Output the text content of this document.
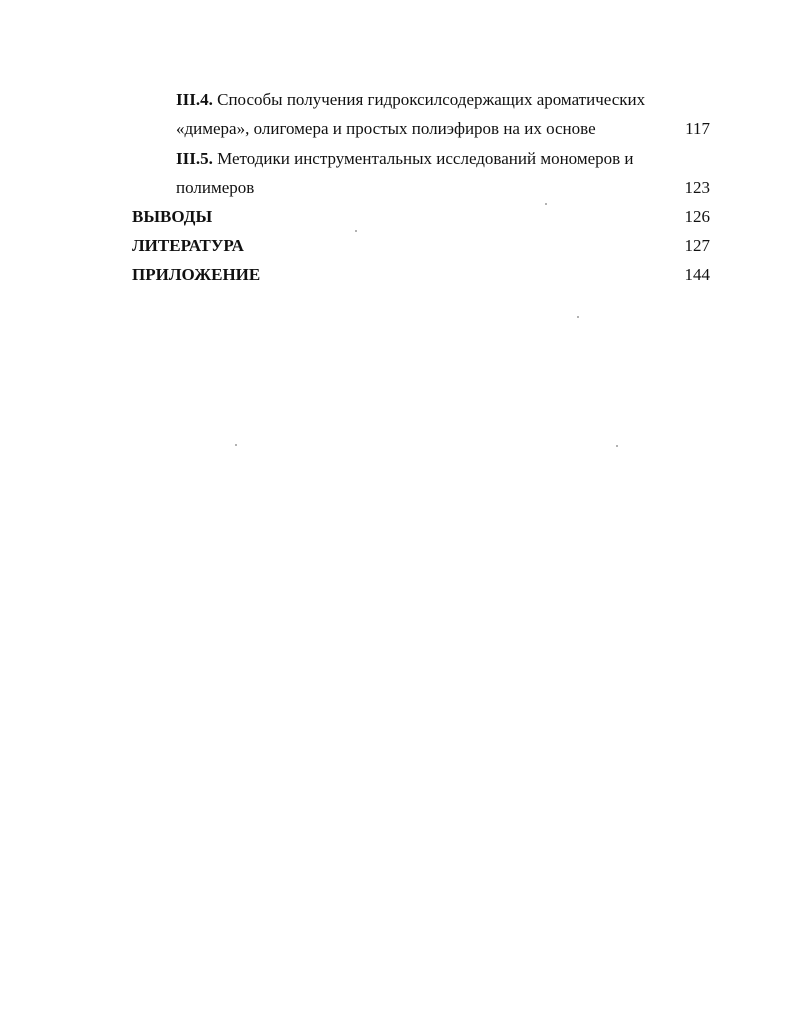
III.4. Способы получения гидроксилсодержащих ароматических
«димера», олигомера и простых полиэфиров на их основе	117
III.5. Методики инструментальных исследований мономеров и
полимеров	123
ВЫВОДЫ	126
ЛИТЕРАТУРА	127
ПРИЛОЖЕНИЕ	144
